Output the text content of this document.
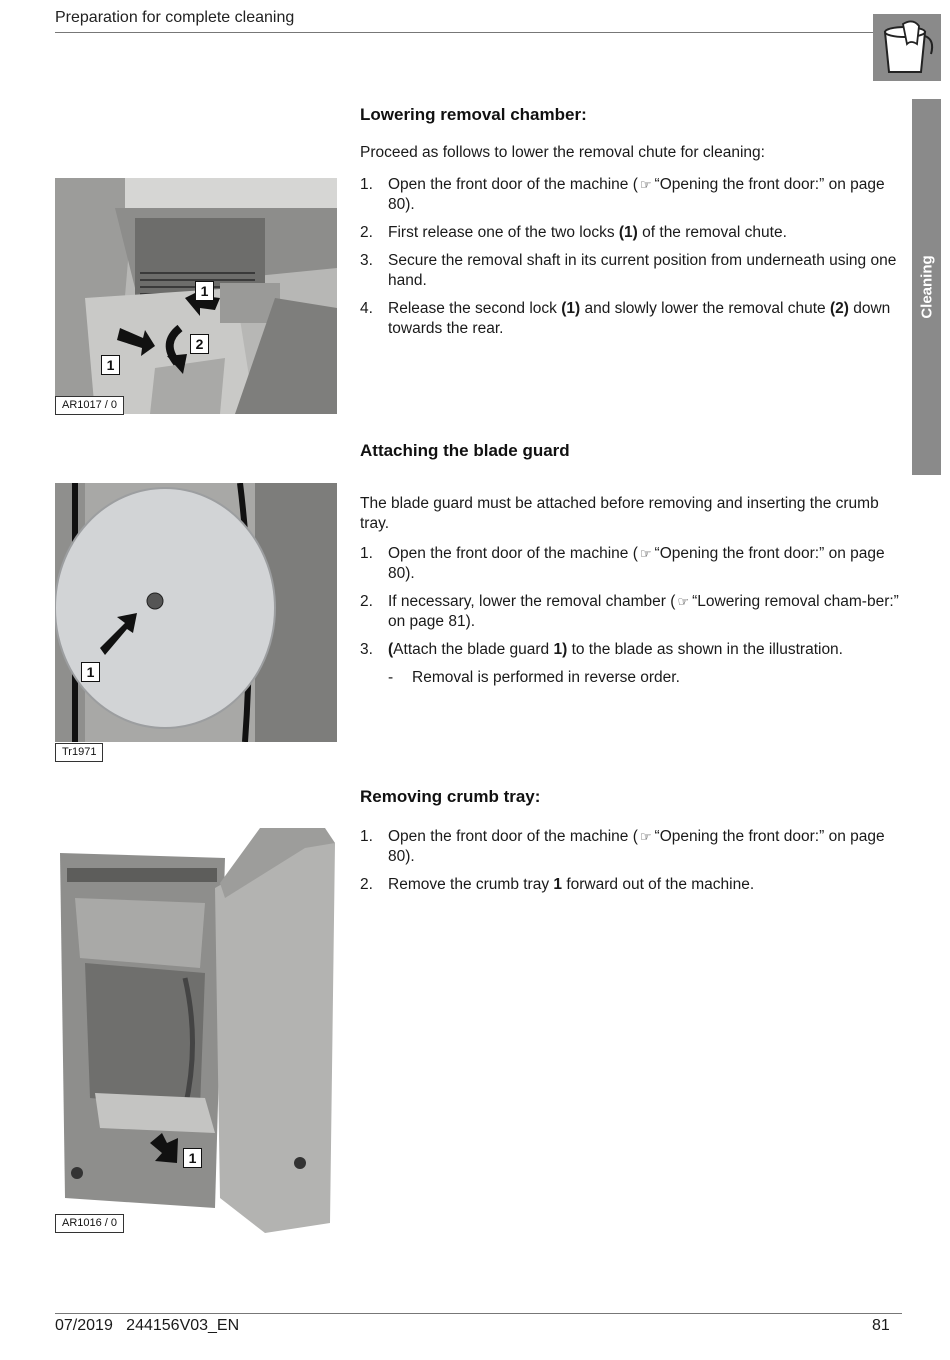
Preparation for complete cleaning
Cleaning
1
2
1
AR1017 / 0
Lowering removal chamber:

Proceed as follows to lower the removal chute for cleaning:

1. Open the front door of the machine ( ☞ “Opening the front door:” on page 80).
2. First release one of the two locks (1) of the removal chute.
3. Secure the removal shaft in its current position from underneath using one hand.
4. Release the second lock (1) and slowly lower the removal chute (2) down towards the rear.
1
Tr1971
Attaching the blade guard

The blade guard must be attached before removing and inserting the crumb tray.

1. Open the front door of the machine ( ☞ “Opening the front door:” on page 80).
2. If necessary, lower the removal chamber ( ☞ “Lowering removal cham-ber:” on page 81).
3. (Attach the blade guard 1) to the blade as shown in the illustration.
- Removal is performed in reverse order.
1
AR1016 / 0
Removing crumb tray:
1. Open the front door of the machine ( ☞ “Opening the front door:” on page 80).
2. Remove the crumb tray 1 forward out of the machine.
07/2019   244156V03_EN	81
